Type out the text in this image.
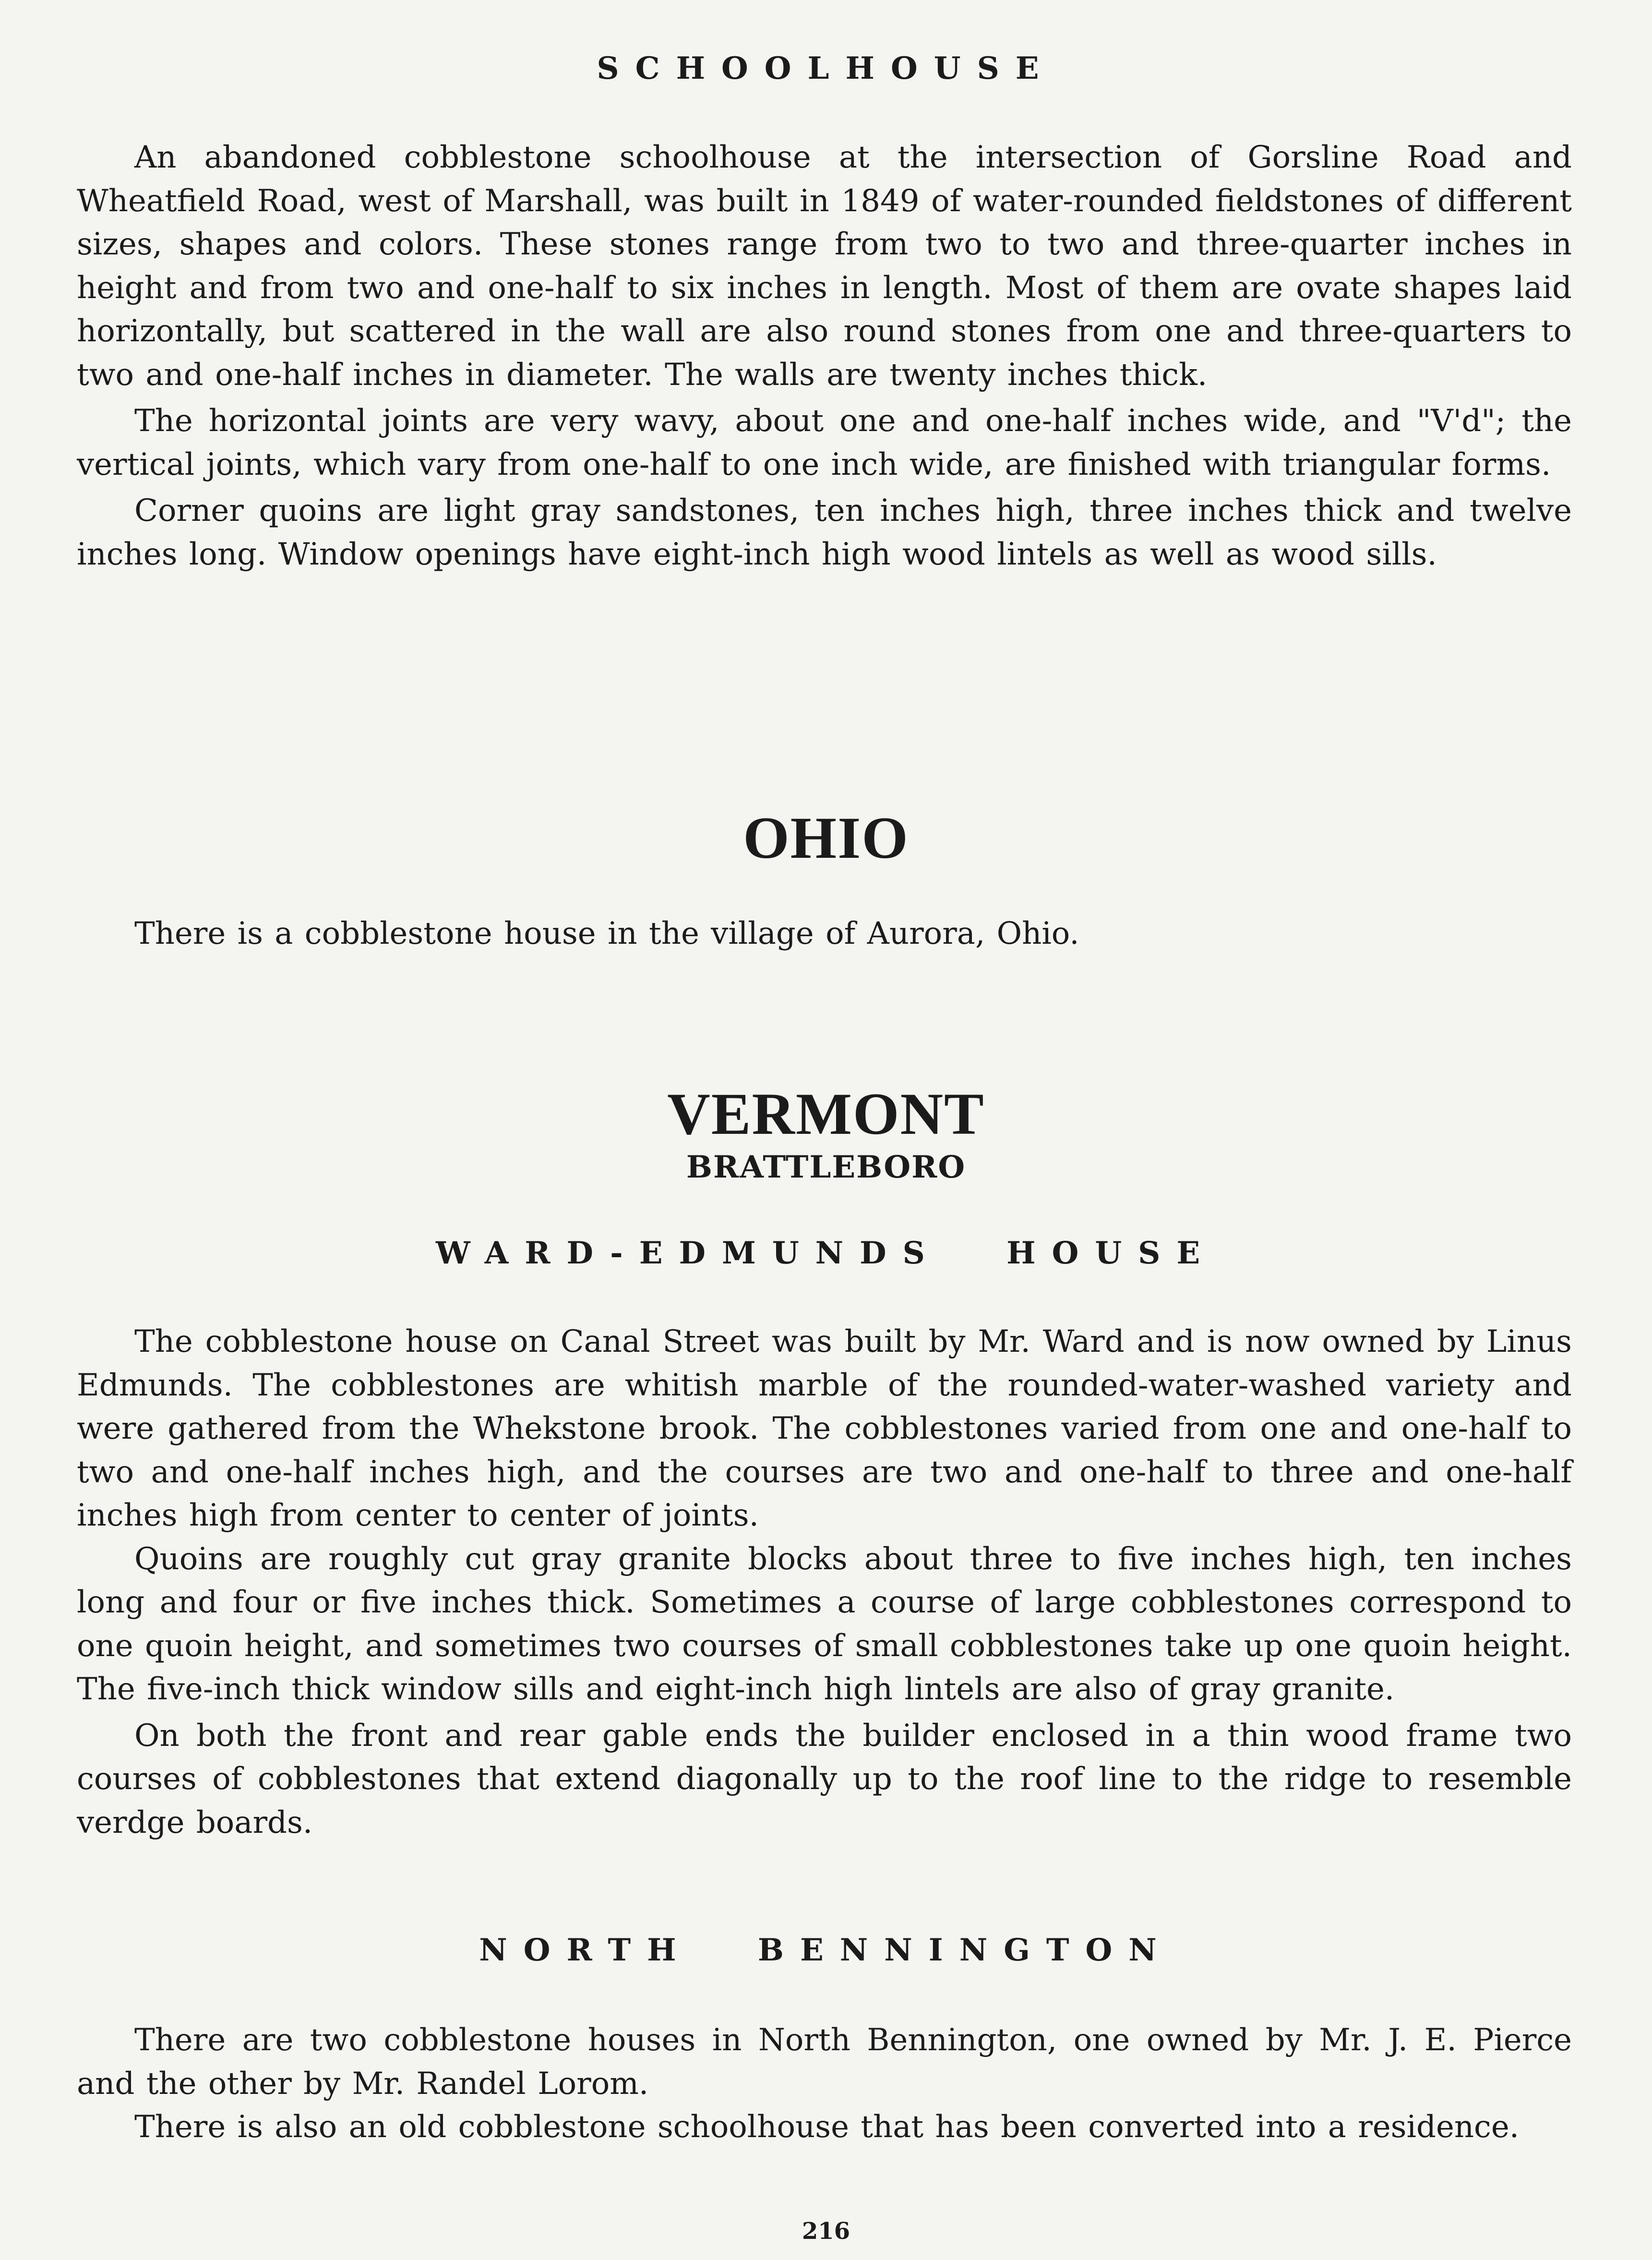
SCHOOLHOUSE

An abandoned cobblestone schoolhouse at the intersection of Gorsline Road and Wheatfield Road, west of Marshall, was built in 1849 of water-rounded fieldstones of different sizes, shapes and colors. These stones range from two to two and three-quarter inches in height and from two and one-half to six inches in length. Most of them are ovate shapes laid horizontally, but scattered in the wall are also round stones from one and three-quarters to two and one-half inches in diameter. The walls are twenty inches thick.

The horizontal joints are very wavy, about one and one-half inches wide, and "V'd"; the vertical joints, which vary from one-half to one inch wide, are finished with triangular forms.

Corner quoins are light gray sandstones, ten inches high, three inches thick and twelve inches long. Window openings have eight-inch high wood lintels as well as wood sills.

OHIO

There is a cobblestone house in the village of Aurora, Ohio.

VERMONT
BRATTLEBORO
WARD-EDMUNDS HOUSE

The cobblestone house on Canal Street was built by Mr. Ward and is now owned by Linus Edmunds. The cobblestones are whitish marble of the rounded-water-washed variety and were gathered from the Whekstone brook. The cobblestones varied from one and one-half to two and one-half inches high, and the courses are two and one-half to three and one-half inches high from center to center of joints.

Quoins are roughly cut gray granite blocks about three to five inches high, ten inches long and four or five inches thick. Sometimes a course of large cobblestones correspond to one quoin height, and sometimes two courses of small cobblestones take up one quoin height. The five-inch thick window sills and eight-inch high lintels are also of gray granite.

On both the front and rear gable ends the builder enclosed in a thin wood frame two courses of cobblestones that extend diagonally up to the roof line to the ridge to resemble verdge boards.

NORTH BENNINGTON

There are two cobblestone houses in North Bennington, one owned by Mr. J. E. Pierce and the other by Mr. Randel Lorom.

There is also an old cobblestone schoolhouse that has been converted into a residence.

216
